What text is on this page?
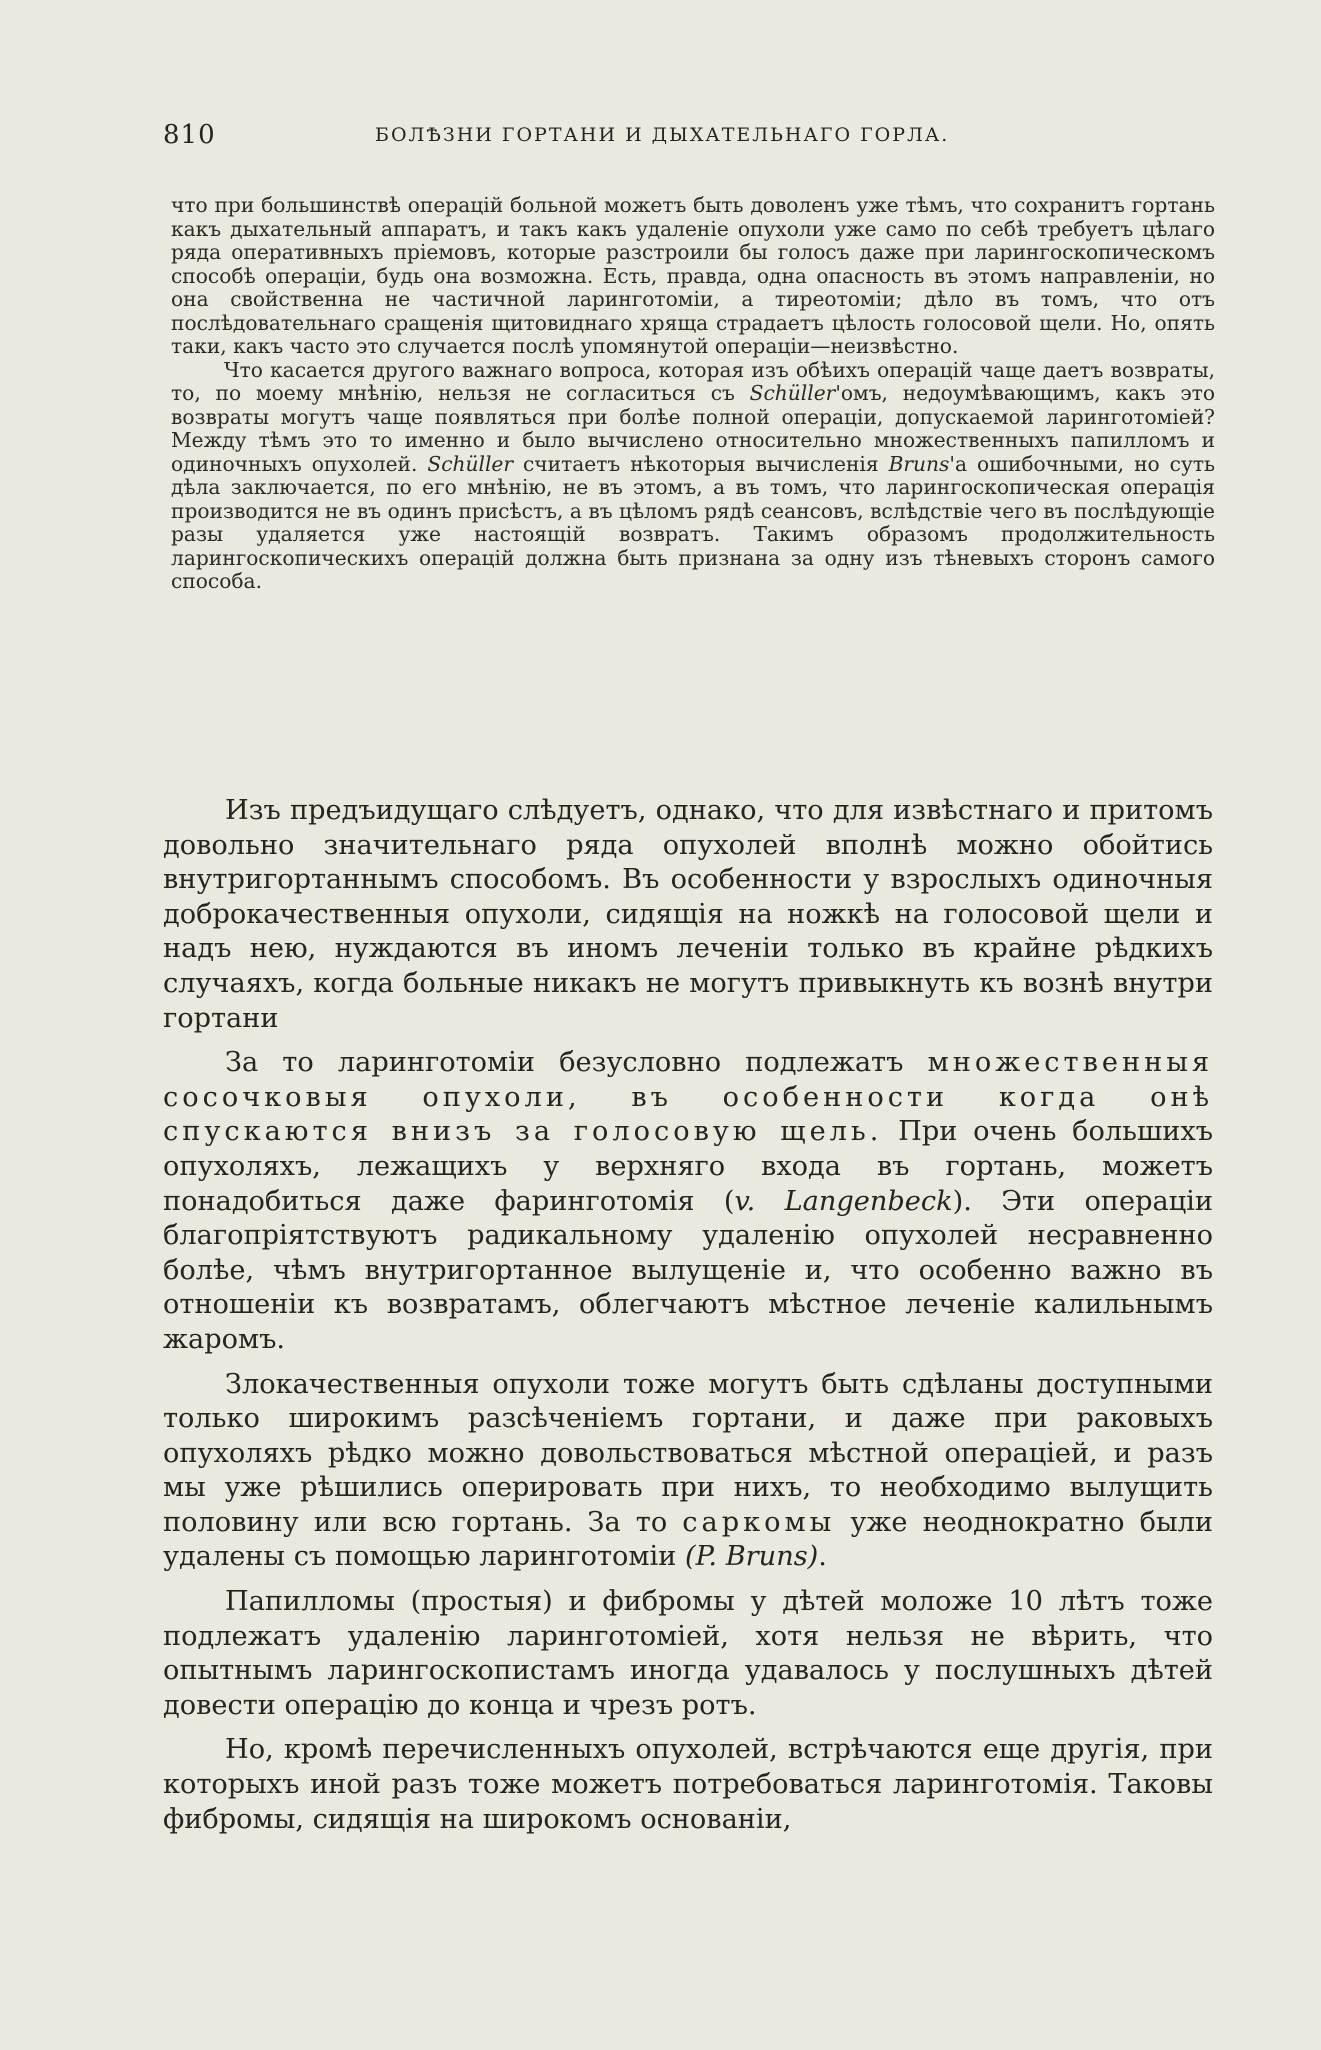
810	БОЛѢЗНИ ГОРТАНИ И ДЫХАТЕЛЬНАГО ГОРЛА.

что при большинствѣ операцій больной можетъ быть доволенъ уже тѣмъ, что сохранитъ гортань какъ дыхательный аппаратъ, и такъ какъ удаленіе опухоли уже само по себѣ требуетъ цѣлаго ряда оперативныхъ пріемовъ, которые разстроили бы голосъ даже при ларингоскопическомъ способѣ операціи, будь она возможна. Есть, правда, одна опасность въ этомъ направленіи, но она свойственна не частичной ларинготоміи, а тиреотоміи; дѣло въ томъ, что отъ послѣдовательнаго сращенія щитовиднаго хряща страдаетъ цѣлость голосовой щели. Но, опять таки, какъ часто это случается послѣ упомянутой операціи—неизвѣстно.

Что касается другого важнаго вопроса, которая изъ обѣихъ операцій чаще даетъ возвраты, то, по моему мнѣнію, нельзя не согласиться съ Schüller'омъ, недоумѣвающимъ, какъ это возвраты могутъ чаще появляться при болѣе полной операціи, допускаемой ларинготоміей? Между тѣмъ это то именно и было вычислено относительно множественныхъ папилломъ и одиночныхъ опухолей. Schüller считаетъ нѣкоторыя вычисленія Bruns'а ошибочными, но суть дѣла заключается, по его мнѣнію, не въ этомъ, а въ томъ, что ларингоскопическая операція производится не въ одинъ присѣстъ, а въ цѣломъ рядѣ сеансовъ, вслѣдствіе чего въ послѣдующіе разы удаляется уже настоящій возвратъ. Такимъ образомъ продолжительность ларингоскопическихъ операцій должна быть признана за одну изъ тѣневыхъ сторонъ самого способа.

Изъ предъидущаго слѣдуетъ, однако, что для извѣстнаго и притомъ довольно значительнаго ряда опухолей вполнѣ можно обойтись внутригортаннымъ способомъ. Въ особенности у взрослыхъ одиночныя доброкачественныя опухоли, сидящія на ножкѣ на голосовой щели и надъ нею, нуждаются въ иномъ леченіи только въ крайне рѣдкихъ случаяхъ, когда больные никакъ не могутъ привыкнуть къ вознѣ внутри гортани

За то ларинготоміи безусловно подлежатъ множественныя сосочковыя опухоли, въ особенности когда онѣ спускаются внизъ за голосовую щель. При очень большихъ опухоляхъ, лежащихъ у верхняго входа въ гортань, можетъ понадобиться даже фаринготомія (v. Langenbeck). Эти операціи благопріятствуютъ радикальному удаленію опухолей несравненно болѣе, чѣмъ внутригортанное вылущеніе и, что особенно важно въ отношеніи къ возвратамъ, облегчаютъ мѣстное леченіе калильнымъ жаромъ.

Злокачественныя опухоли тоже могутъ быть сдѣланы доступными только широкимъ разсѣченіемъ гортани, и даже при раковыхъ опухоляхъ рѣдко можно довольствоваться мѣстной операціей, и разъ мы уже рѣшились оперировать при нихъ, то необходимо вылущить половину или всю гортань. За то саркомы уже неоднократно были удалены съ помощью ларинготоміи (P. Bruns).

Папилломы (простыя) и фибромы у дѣтей моложе 10 лѣтъ тоже подлежатъ удаленію ларинготоміей, хотя нельзя не вѣрить, что опытнымъ ларингоскопистамъ иногда удавалось у послушныхъ дѣтей довести операцію до конца и чрезъ ротъ.

Но, кромѣ перечисленныхъ опухолей, встрѣчаются еще другія, при которыхъ иной разъ тоже можетъ потребоваться ларинготомія. Таковы фибромы, сидящія на широкомъ основаніи,
